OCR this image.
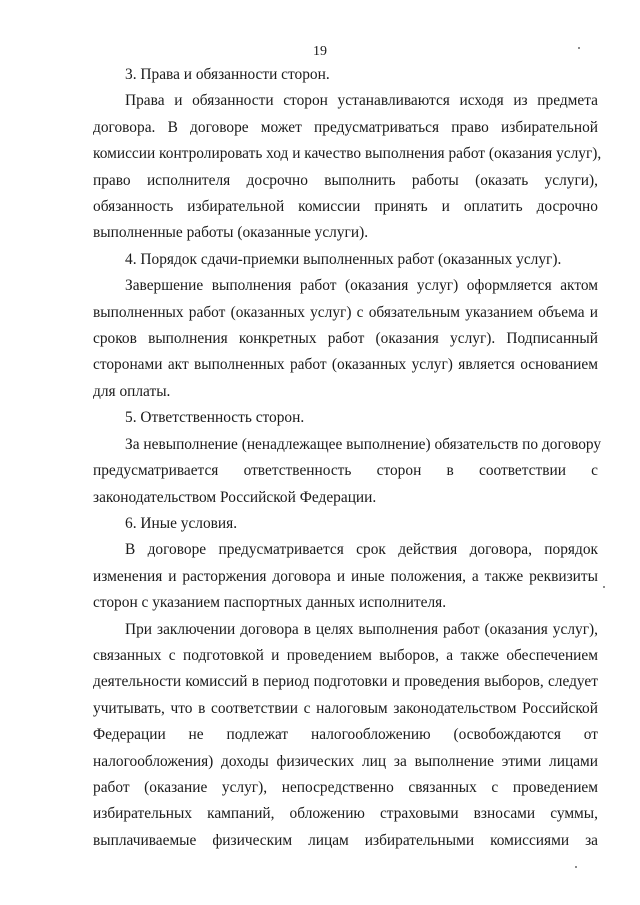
19
3. Права и обязанности сторон.
Права и обязанности сторон устанавливаются исходя из предмета
договора. В договоре может предусматриваться право избирательной
комиссии контролировать ход и качество выполнения работ (оказания услуг),
право исполнителя досрочно выполнить работы (оказать услуги),
обязанность избирательной комиссии принять и оплатить досрочно
выполненные работы (оказанные услуги).
4. Порядок сдачи-приемки выполненных работ (оказанных услуг).
Завершение выполнения работ (оказания услуг) оформляется актом
выполненных работ (оказанных услуг) с обязательным указанием объема и
сроков выполнения конкретных работ (оказания услуг). Подписанный
сторонами акт выполненных работ (оказанных услуг) является основанием
для оплаты.
5. Ответственность сторон.
За невыполнение (ненадлежащее выполнение) обязательств по договору
предусматривается ответственность сторон в соответствии с
законодательством Российской Федерации.
6. Иные условия.
В договоре предусматривается срок действия договора, порядок
изменения и расторжения договора и иные положения, а также реквизиты
сторон с указанием паспортных данных исполнителя.
При заключении договора в целях выполнения работ (оказания услуг),
связанных с подготовкой и проведением выборов, а также обеспечением
деятельности комиссий в период подготовки и проведения выборов, следует
учитывать, что в соответствии с налоговым законодательством Российской
Федерации не подлежат налогообложению (освобождаются от
налогообложения) доходы физических лиц за выполнение этими лицами
работ (оказание услуг), непосредственно связанных с проведением
избирательных кампаний, обложению страховыми взносами суммы,
выплачиваемые физическим лицам избирательными комиссиями за
